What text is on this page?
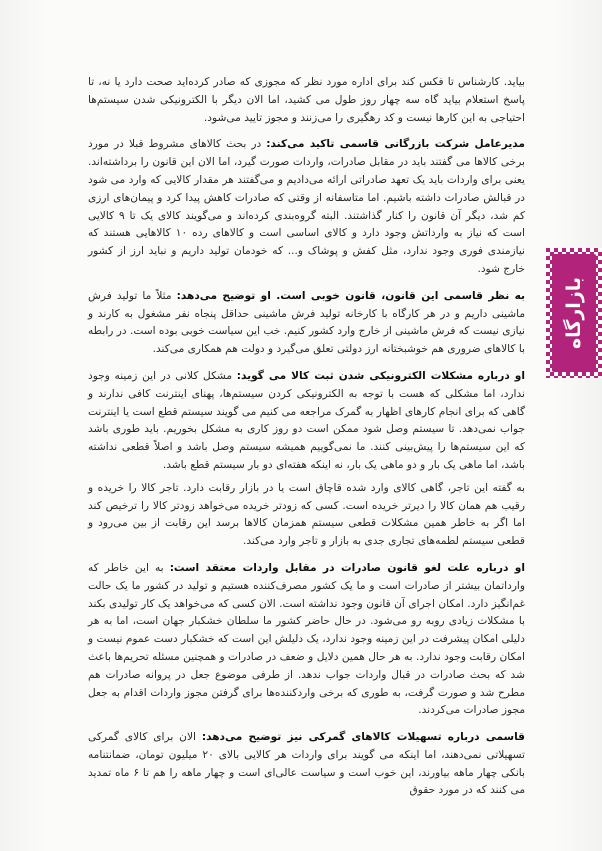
بیاید. کارشناس تا فکس کند برای اداره مورد نظر که مجوزی که صادر کرده‌اید صحت دارد یا نه، تا پاسخ استعلام بیاید گاه سه چهار روز طول می کشید، اما الان دیگر با الکترونیکی شدن سیستم‌ها احتیاجی به این کارها نیست و کد رهگیری را می‌زنند و مجوز تایید می‌شود.

مدیرعامل شرکت بازرگانی قاسمی تاکید می‌کند: در بحث کالاهای مشروط قبلا در مورد برخی کالاها می گفتند باید در مقابل صادرات، واردات صورت گیرد، اما الان این قانون را برداشته‌اند. یعنی برای واردات باید یک تعهد صادراتی ارائه می‌دادیم و می‌گفتند هر مقدار کالایی که وارد می شود در قبالش صادرات داشته باشیم. اما متاسفانه از وقتی که صادرات کاهش پیدا کرد و پیمان‌های ارزی کم شد، دیگر آن قانون را کنار گذاشتند. البته گروه‌بندی کرده‌اند و می‌گویند کالای یک تا ۹ کالایی است که نیاز به وارداتش وجود دارد و کالای اساسی است و کالاهای رده ۱۰ کالاهایی هستند که نیازمندی فوری وجود ندارد، مثل کفش و پوشاک و... که خودمان تولید داریم و نباید ارز از کشور خارج شود.

به نظر قاسمی این قانون، قانون خوبی است. او توضیح می‌دهد: مثلاً ما تولید فرش ماشینی داریم و در هر کارگاه با کارخانه تولید فرش ماشینی حداقل پنجاه نفر مشغول به کارند و نیازی نیست که فرش ماشینی از خارج وارد کشور کنیم. خب این سیاست خوبی بوده است. در رابطه با کالاهای ضروری هم خوشبختانه ارز دولتی تعلق می‌گیرد و دولت هم همکاری می‌کند.

او درباره مشکلات الکترونیکی شدن ثبت کالا می گوید: مشکل کلانی در این زمینه وجود ندارد، اما مشکلی که هست با توجه به الکترونیکی کردن سیستم‌ها، پهنای اینترنت کافی ندارند و گاهی که برای انجام کارهای اظهار به گمرک مراجعه می کنیم می گویند سیستم قطع است یا اینترنت جواب نمی‌دهد. تا سیستم وصل شود ممکن است دو روز کاری به مشکل بخوریم. باید طوری باشد که این سیستم‌ها را پیش‌بینی کنند. ما نمی‌گوییم همیشه سیستم وصل باشد و اصلاً قطعی نداشته باشد، اما ماهی یک بار و دو ماهی یک بار، نه اینکه هفته‌ای دو بار سیستم قطع باشد.

به گفته این تاجر، گاهی کالای وارد شده قاچاق است یا در بازار رقابت دارد. تاجر کالا را خریده و رقیب هم همان کالا را دیرتر خریده است. کسی که زودتر خریده می‌خواهد زودتر کالا را ترخیص کند اما اگر به خاطر همین مشکلات قطعی سیستم همزمان کالاها برسد این رقابت از بین می‌رود و قطعی سیستم لطمه‌های تجاری جدی به بازار و تاجر وارد می‌کند.

او درباره علت لغو قانون صادرات در مقابل واردات معتقد است: به این خاطر که وارداتمان بیشتر از صادرات است و ما یک کشور مصرف‌کننده هستیم و تولید در کشور ما یک حالت غم‌انگیز دارد. امکان اجرای آن قانون وجود نداشته است. الان کسی که می‌خواهد یک کار تولیدی بکند با مشکلات زیادی روبه رو می‌شود. در حال حاضر کشور ما سلطان خشکبار جهان است، اما به هر دلیلی امکان پیشرفت در این زمینه وجود ندارد، یک دلیلش این است که خشکبار دست عموم نیست و امکان رقابت وجود ندارد. به هر حال همین دلایل و ضعف در صادرات و همچنین مسئله تحریم‌ها باعث شد که بحث صادرات در قبال واردات جواب ندهد. از طرفی موضوع جعل در پروانه صادرات هم مطرح شد و صورت گرفت، به طوری که برخی واردکننده‌ها برای گرفتن مجوز واردات اقدام به جعل مجوز صادرات می‌کردند.

قاسمی درباره تسهیلات کالاهای گمرکی نیز توضیح می‌دهد: الان برای کالای گمرکی تسهیلاتی نمی‌دهند، اما اینکه می گویند برای واردات هر کالایی بالای ۲۰ میلیون تومان، ضمانتنامه بانکی چهار ماهه بیاورند، این خوب است و سیاست عالی‌ای است و چهار ماهه را هم تا ۶ ماه تمدید می کنند که در مورد حقوق

بازارگاه
